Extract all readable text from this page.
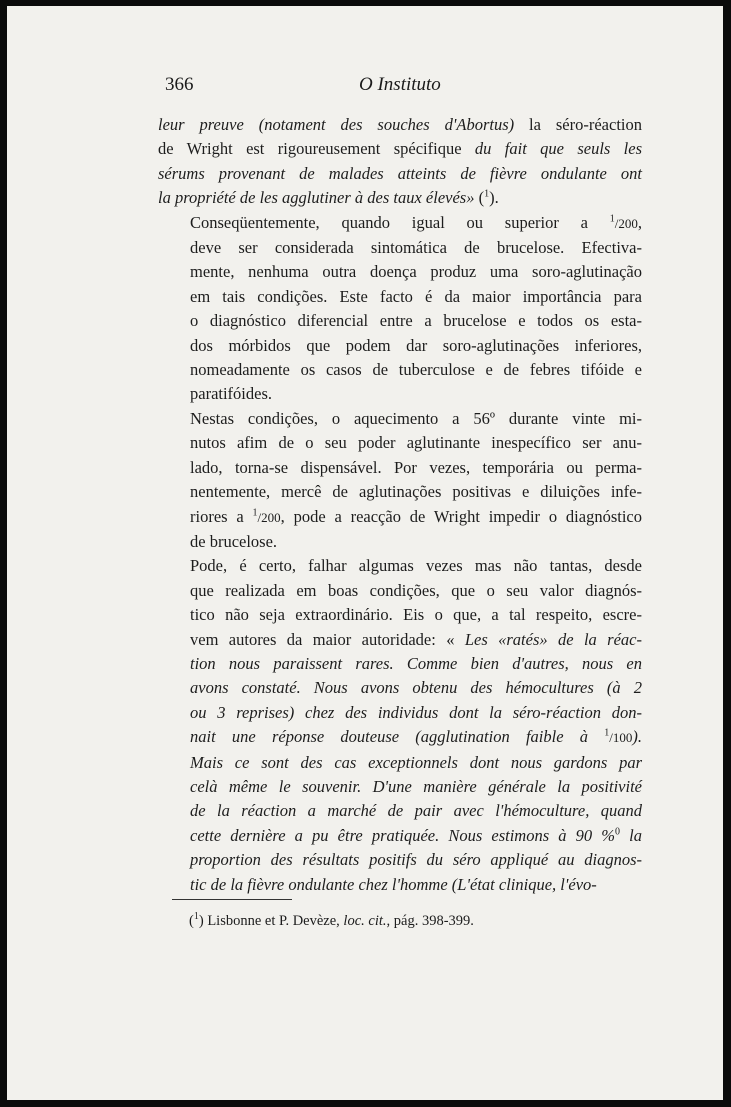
366	O Instituto

leur preuve (notament des souches d'Abortus) la séro-réaction
de Wright est rigoureusement spécifique du fait que seuls les
sérums provenant de malades atteints de fièvre ondulante ont
la propriété de les agglutiner à des taux élevés» ($^1$).

Conseqüentemente, quando igual ou superior a $^1$/200,
deve ser considerada sintomática de brucelose. Efectiva-
mente, nenhuma outra doença produz uma soro-aglutinação
em tais condições. Este facto é da maior importância para
o diagnóstico diferencial entre a brucelose e todos os esta-
dos mórbidos que podem dar soro-aglutinações inferiores,
nomeadamente os casos de tuberculose e de febres tifóide e
paratifóides.

Nestas condições, o aquecimento a 56º durante vinte mi-
nutos afim de o seu poder aglutinante inespecífico ser anu-
lado, torna-se dispensável. Por vezes, temporária ou perma-
nentemente, mercê de aglutinações positivas e diluições infe-
riores a $^1$/200, pode a reacção de Wright impedir o diagnóstico
de brucelose.

Pode, é certo, falhar algumas vezes mas não tantas, desde
que realizada em boas condições, que o seu valor diagnós-
tico não seja extraordinário. Eis o que, a tal respeito, escre-
vem autores da maior autoridade: « Les «ratés» de la réac-
tion nous paraissent rares. Comme bien d'autres, nous en
avons constaté. Nous avons obtenu des hémocultures (à 2
ou 3 reprises) chez des individus dont la séro-réaction don-
nait une réponse douteuse (agglutination faible à $^1$/100).
Mais ce sont des cas exceptionnels dont nous gardons par
celà même le souvenir. D'une manière générale la positivité
de la réaction a marché de pair avec l'hémoculture, quand
cette dernière a pu être pratiquée. Nous estimons à 90 %$^0$ la
proportion des résultats positifs du séro appliqué au diagnos-
tic de la fièvre ondulante chez l'homme (L'état clinique, l'évo-

($^1$) Lisbonne et P. Devèze, loc. cit., pág. 398-399.
